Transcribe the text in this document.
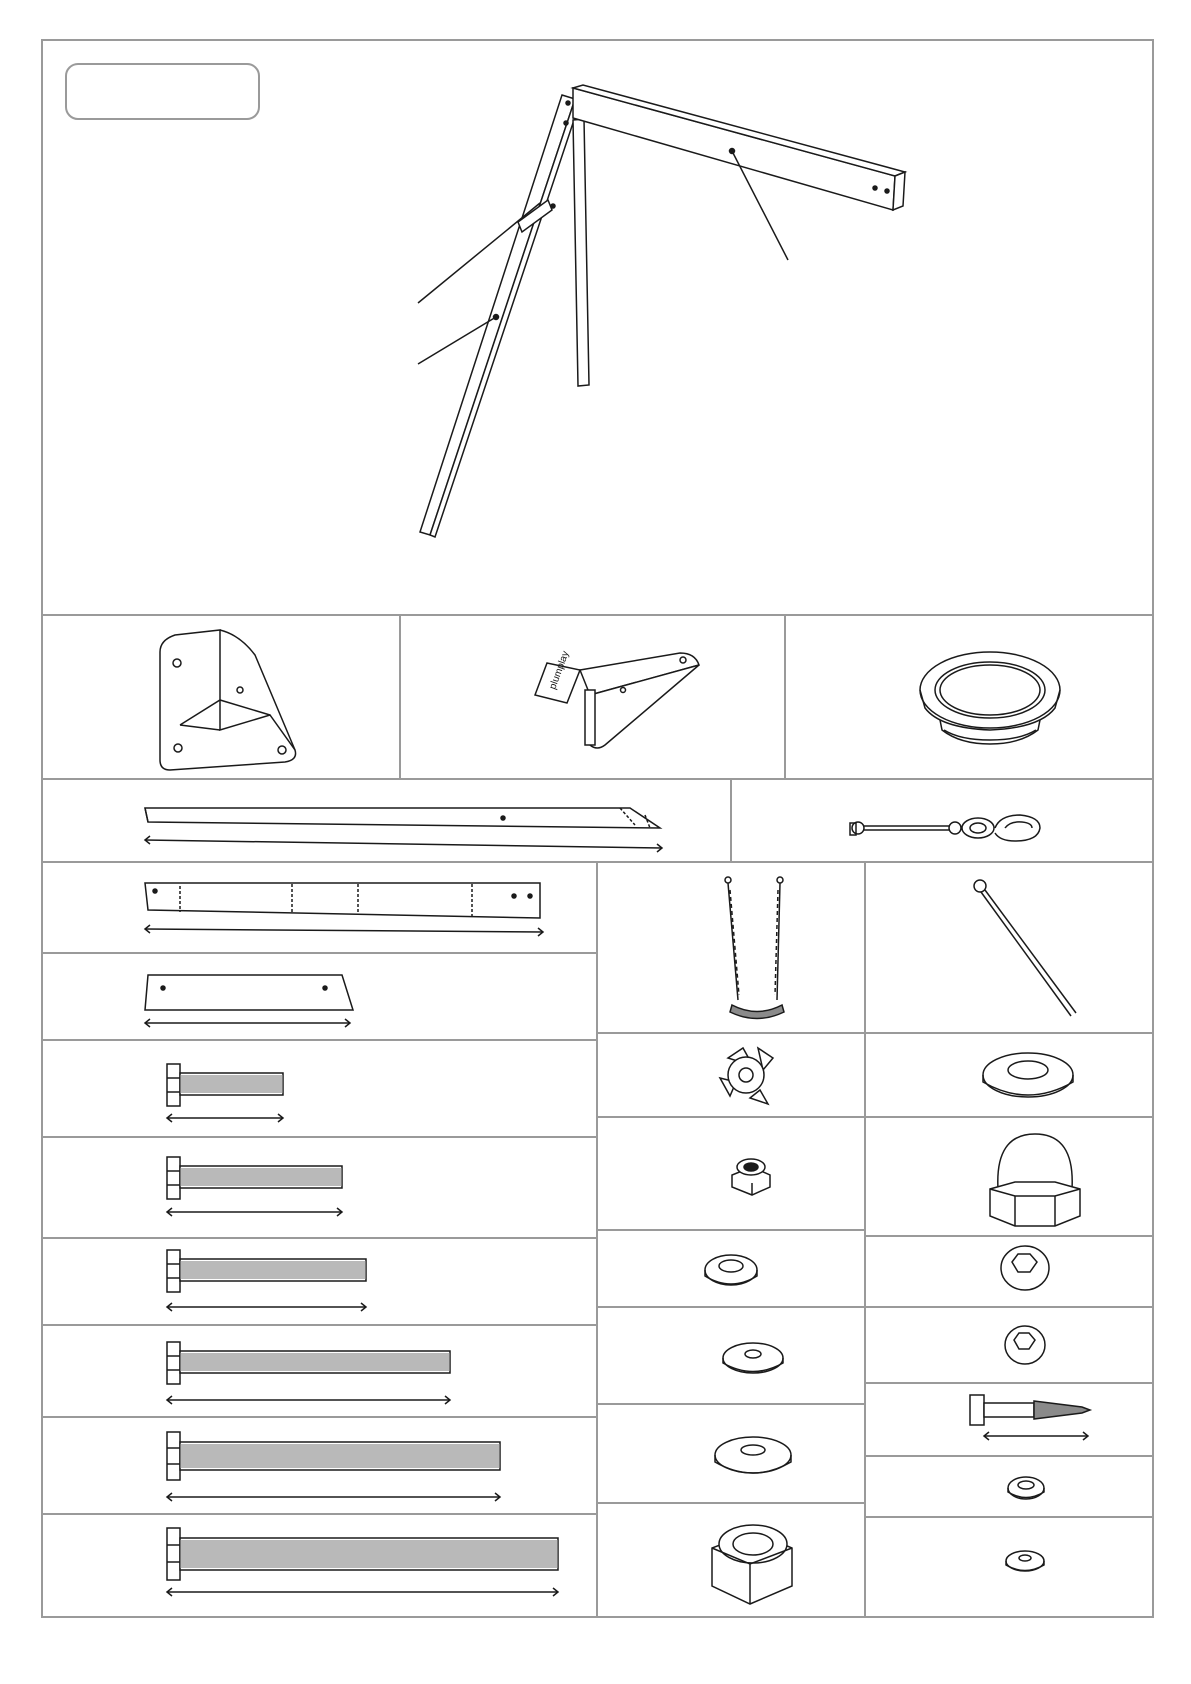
plumplay
